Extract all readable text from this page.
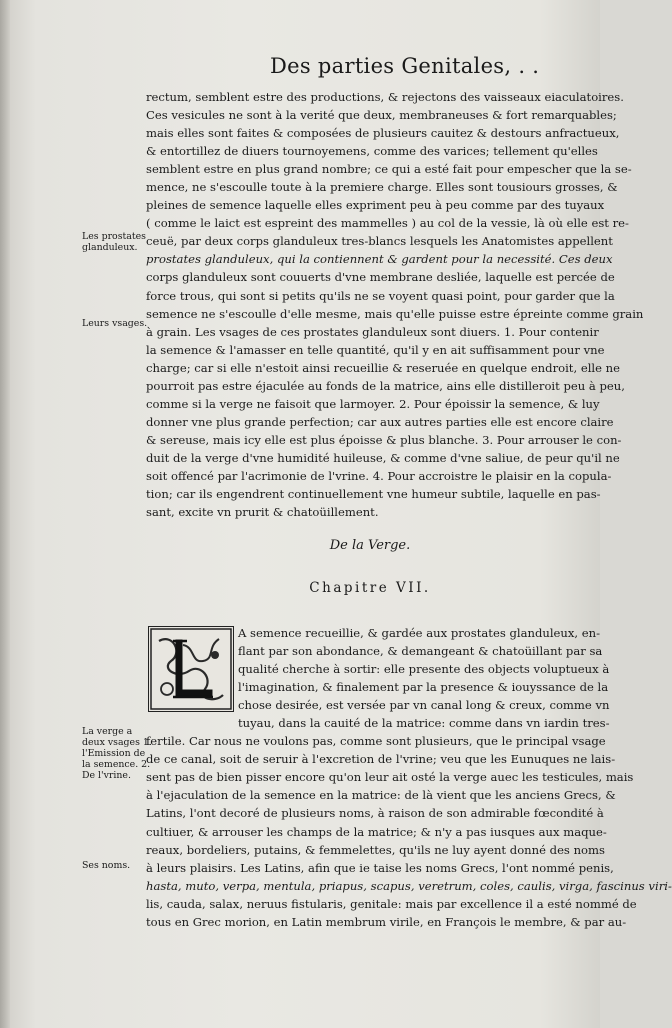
Des parties Genitales, . .
rectum, semblent estre des productions, & rejectons des vaisseaux eiaculatoires.
Ces vesicules ne sont à la verité que deux, membraneuses & fort remarquables;
mais elles sont faites & composées de plusieurs cauitez & destours anfractueux,
& entortillez de diuers tournoyemens, comme des varices; tellement qu'elles
semblent estre en plus grand nombre; ce qui a esté fait pour empescher que la se-
mence, ne s'escoulle toute à la premiere charge. Elles sont tousiours grosses, &
pleines de semence laquelle elles expriment peu à peu comme par des tuyaux
( comme le laict est espreint des mammelles ) au col de la vessie, là où elle est re-
ceuë, par deux corps glanduleux tres-blancs lesquels les Anatomistes appellent
prostates glanduleux, qui la contiennent & gardent pour la necessité. Ces deux
corps glanduleux sont couuerts d'vne membrane desliée, laquelle est percée de
force trous, qui sont si petits qu'ils ne se voyent quasi point, pour garder que la
semence ne s'escoulle d'elle mesme, mais qu'elle puisse estre épreinte comme grain
à grain. Les vsages de ces prostates glanduleux sont diuers. 1. Pour contenir
la semence & l'amasser en telle quantité, qu'il y en ait suffisamment pour vne
charge; car si elle n'estoit ainsi recueillie & reseruée en quelque endroit, elle ne
pourroit pas estre éjaculée au fonds de la matrice, ains elle distilleroit peu à peu,
comme si la verge ne faisoit que larmoyer. 2. Pour époissir la semence, & luy
donner vne plus grande perfection; car aux autres parties elle est encore claire
& sereuse, mais icy elle est plus époisse & plus blanche. 3. Pour arrouser le con-
duit de la verge d'vne humidité huileuse, & comme d'vne saliue, de peur qu'il ne
soit offencé par l'acrimonie de l'vrine. 4. Pour accroistre le plaisir en la copula-
tion; car ils engendrent continuellement vne humeur subtile, laquelle en pas-
sant, excite vn prurit & chatoüillement.
Les prostates
glanduleux.
Leurs vsages.
De la Verge.
Chapitre VII.
A semence recueillie, & gardée aux prostates glanduleux, en-
flant par son abondance, & demangeant & chatoüillant par sa
qualité cherche à sortir: elle presente des objects voluptueux à
l'imagination, & finalement par la presence & iouyssance de la
chose desirée, est versée par vn canal long & creux, comme vn
tuyau, dans la cauité de la matrice: comme dans vn iardin tres-
fertile. Car nous ne voulons pas, comme sont plusieurs, que le principal vsage
de ce canal, soit de seruir à l'excretion de l'vrine; veu que les Eunuques ne lais-
sent pas de bien pisser encore qu'on leur ait osté la verge auec les testicules, mais
à l'ejaculation de la semence en la matrice: de là vient que les anciens Grecs, &
Latins, l'ont decoré de plusieurs noms, à raison de son admirable fœcondité à
cultiuer, & arrouser les champs de la matrice; & n'y a pas iusques aux maque-
reaux, bordeliers, putains, & femmelettes, qu'ils ne luy ayent donné des noms
à leurs plaisirs. Les Latins, afin que ie taise les noms Grecs, l'ont nommé penis,
hasta, muto, verpa, mentula, priapus, scapus, veretrum, coles, caulis, virga, fascinus viri-
lis, cauda, salax, neruus fistularis, genitale: mais par excellence il a esté nommé de
tous en Grec morion, en Latin membrum virile, en François le membre, & par au-
La verge a
deux vsages 1.
l'Emission de
la semence. 2.
De l'vrine.
Ses noms.
